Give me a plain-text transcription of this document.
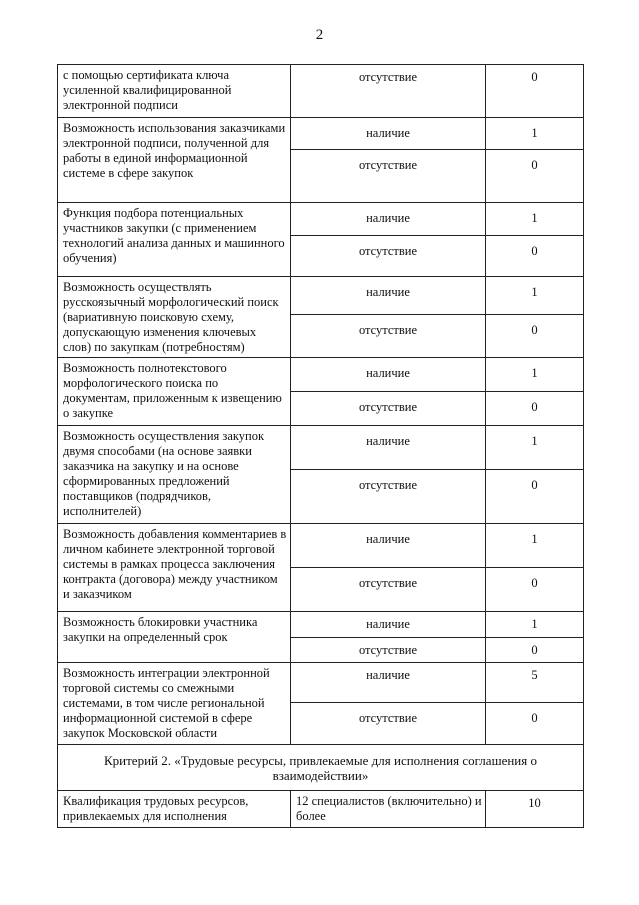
2
с помощью сертификата ключа усиленной квалифицированной электронной подписи	отсутствие	0
Возможность использования заказчиками электронной подписи, полученной для работы в единой информационной системе в сфере закупок	наличие	1
	отсутствие	0
Функция подбора потенциальных участников закупки (с применением технологий анализа данных и машинного обучения)	наличие	1
	отсутствие	0
Возможность осуществлять русскоязычный морфологический поиск (вариативную поисковую схему, допускающую изменения ключевых слов) по закупкам (потребностям)	наличие	1
	отсутствие	0
Возможность полнотекстового морфологического поиска по документам, приложенным к извещению о закупке	наличие	1
	отсутствие	0
Возможность осуществления закупок двумя способами (на основе заявки заказчика на закупку и на основе сформированных предложений поставщиков (подрядчиков, исполнителей)	наличие	1
	отсутствие	0
Возможность добавления комментариев в личном кабинете электронной торговой системы в рамках процесса заключения контракта (договора) между участником и заказчиком	наличие	1
	отсутствие	0
Возможность блокировки участника закупки на определенный срок	наличие	1
	отсутствие	0
Возможность интеграции электронной торговой системы со смежными системами, в том числе региональной информационной системой в сфере закупок Московской области	наличие	5
	отсутствие	0
Критерий 2. «Трудовые ресурсы, привлекаемые для исполнения соглашения о взаимодействии»		
Квалификация трудовых ресурсов, привлекаемых для исполнения	12 специалистов (включительно) и более	10
